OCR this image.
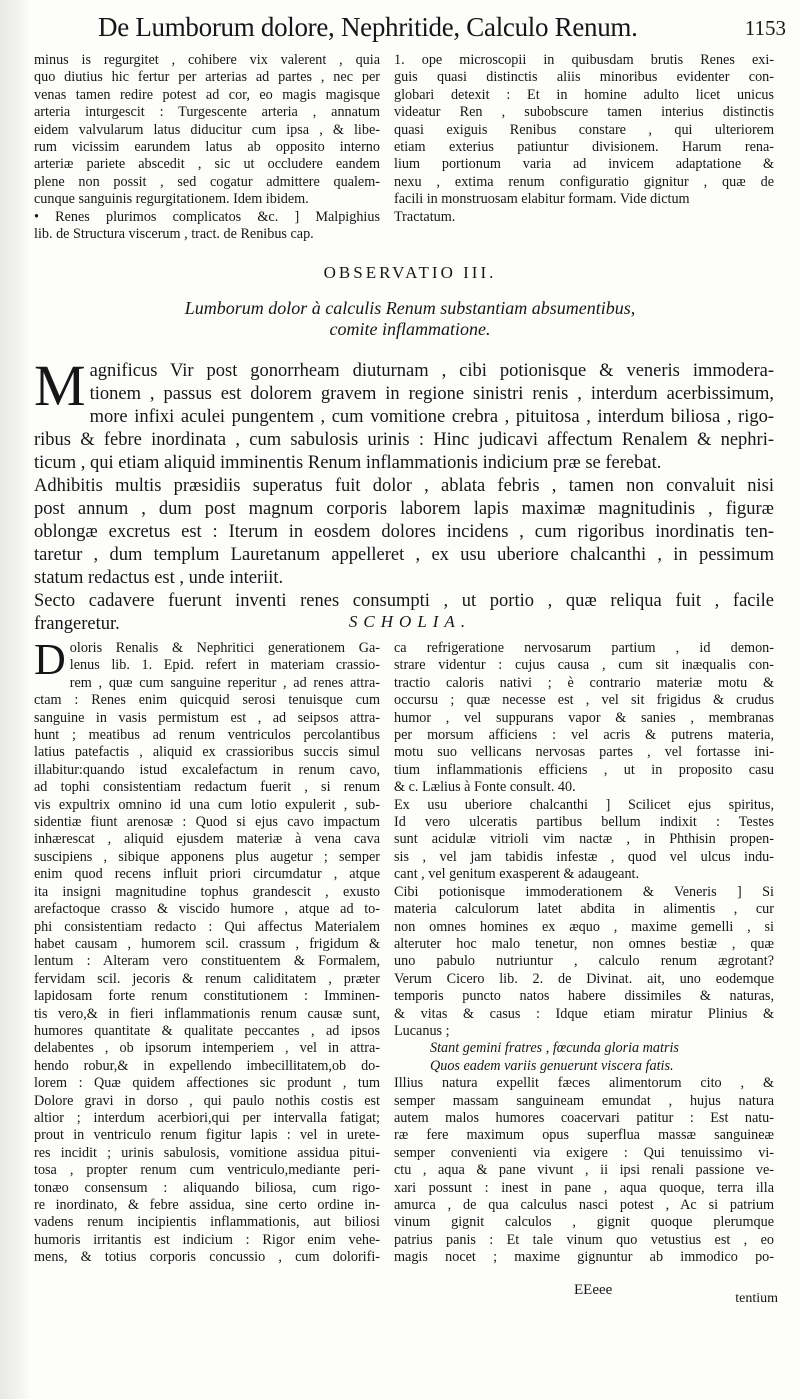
De Lumborum dolore, Nephritide, Calculo Renum.	1153
minus is regurgitet , cohibere vix valerent , quia
quo diutius hic fertur per arterias ad partes , nec per
venas tamen redire potest ad cor, eo magis magisque
arteria inturgescit : Turgescente arteria , annatum
eidem valvularum latus diducitur cum ipsa , & libe-
rum vicissim earundem latus ab opposito interno
arteriæ pariete abscedit , sic ut occludere eandem
plene non possit , sed cogatur admittere qualem-
cunque sanguinis regurgitationem. Idem ibidem.
• Renes plurimos complicatos &c. ] Malpighius
lib. de Structura viscerum , tract. de Renibus cap.
1. ope microscopii in quibusdam brutis Renes exi-
guis quasi distinctis aliis minoribus evidenter con-
globari detexit : Et in homine adulto licet unicus
videatur Ren , subobscure tamen interius distinctis
quasi exiguis Renibus constare , qui ulteriorem
etiam exterius patiuntur divisionem. Harum rena-
lium portionum varia ad invicem adaptatione &
nexu , extima renum configuratio gignitur , quæ de
facili in monstruosam elabitur formam. Vide dictum
Tractatum.
OBSERVATIO III.
Lumborum dolor à calculis Renum substantiam absumentibus,
comite inflammatione.
M agnificus Vir post gonorrheam diuturnam , cibi potionisque & veneris immodera-
tionem , passus est dolorem gravem in regione sinistri renis , interdum acerbissimum,
more infixi aculei pungentem , cum vomitione crebra , pituitosa , interdum biliosa , rigo-
ribus & febre inordinata , cum sabulosis urinis : Hinc judicavi affectum Renalem & nephri-
ticum , qui etiam aliquid imminentis Renum inflammationis indicium præ se ferebat.
Adhibitis multis præsidiis superatus fuit dolor , ablata febris , tamen non convaluit nisi
post annum , dum post magnum corporis laborem lapis maximæ magnitudinis , figuræ
oblongæ excretus est : Iterum in eosdem dolores incidens , cum rigoribus inordinatis ten-
taretur , dum templum Lauretanum appelleret , ex usu uberiore chalcanthi , in pessimum
statum redactus est , unde interiit.
Secto cadavere fuerunt inventi renes consumpti , ut portio , quæ reliqua fuit , facile
frangeretur.	SCHOLIA.
D oloris Renalis & Nephritici generationem Ga-
lenus lib. 1. Epid. refert in materiam crassio-
rem , quæ cum sanguine reperitur , ad renes attra-
ctam : Renes enim quicquid serosi tenuisque cum
sanguine in vasis permistum est , ad seipsos attra-
hunt ; meatibus ad renum ventriculos percolantibus
latius patefactis , aliquid ex crassioribus succis simul
illabitur:quando istud excalefactum in renum cavo,
ad tophi consistentiam redactum fuerit , si renum
vis expultrix omnino id una cum lotio expulerit , sub-
sidentiæ fiunt arenosæ : Quod si ejus cavo impactum
inhærescat , aliquid ejusdem materiæ à vena cava
suscipiens , sibique apponens plus augetur ; semper
enim quod recens influit priori circumdatur , atque
ita insigni magnitudine tophus grandescit , exusto
arefactoque crasso & viscido humore , atque ad to-
phi consistentiam redacto : Qui affectus Materialem
habet causam , humorem scil. crassum , frigidum &
lentum : Alteram vero constituentem & Formalem,
fervidam scil. jecoris & renum caliditatem , præter
lapidosam forte renum constitutionem : Imminen-
tis vero,& in fieri inflammationis renum causæ sunt,
humores quantitate & qualitate peccantes , ad ipsos
delabentes , ob ipsorum intemperiem , vel in attra-
hendo robur,& in expellendo imbecillitatem,ob do-
lorem : Quæ quidem affectiones sic produnt , tum
Dolore gravi in dorso , qui paulo nothis costis est
altior ; interdum acerbiori,qui per intervalla fatigat;
prout in ventriculo renum figitur lapis : vel in urete-
res incidit ; urinis sabulosis, vomitione assidua pitui-
tosa , propter renum cum ventriculo,mediante peri-
tonæo consensum : aliquando biliosa, cum rigo-
re inordinato, & febre assidua, sine certo ordine in-
vadens renum incipientis inflammationis, aut biliosi
humoris irritantis est indicium : Rigor enim vehe-
mens, & totius corporis concussio , cum dolorifi-
ca refrigeratione nervosarum partium , id demon-
strare videntur : cujus causa , cum sit inæqualis con-
tractio caloris nativi ; è contrario materiæ motu &
occursu ; quæ necesse est , vel sit frigidus & crudus
humor , vel suppurans vapor & sanies , membranas
per morsum afficiens : vel acris & putrens materia,
motu suo vellicans nervosas partes , vel fortasse ini-
tium inflammationis efficiens , ut in proposito casu
& c. Lælius à Fonte consult. 40.
Ex usu uberiore chalcanthi ] Scilicet ejus spiritus,
Id vero ulceratis partibus bellum indixit : Testes
sunt acidulæ vitrioli vim nactæ , in Phthisin propen-
sis , vel jam tabidis infestæ , quod vel ulcus indu-
cant , vel genitum exasperent & adaugeant.
Cibi potionisque immoderationem & Veneris ] Si
materia calculorum latet abdita in alimentis , cur
non omnes homines ex æquo , maxime gemelli , si
alteruter hoc malo tenetur, non omnes bestiæ , quæ
uno pabulo nutriuntur , calculo renum ægrotant?
Verum Cicero lib. 2. de Divinat. ait, uno eodemque
temporis puncto natos habere dissimiles & naturas,
& vitas & casus : Idque etiam miratur Plinius &
Lucanus ;
Stant gemini fratres , fœcunda gloria matris
Quos eadem variis genuerunt viscera fatis.
Illius natura expellit fæces alimentorum cito , &
semper massam sanguineam emundat , hujus natura
autem malos humores coacervari patitur : Est natu-
ræ fere maximum opus superflua massæ sanguineæ
semper convenienti via exigere : Qui tenuissimo vi-
ctu , aqua & pane vivunt , ii ipsi renali passione ve-
xari possunt : inest in pane , aqua quoque, terra illa
amurca , de qua calculus nasci potest , Ac si patrium
vinum gignit calculos , gignit quoque plerumque
patrius panis : Et tale vinum quo vetustius est , eo
magis nocet ; maxime gignuntur ab immodico po-
EEeee
tentium
